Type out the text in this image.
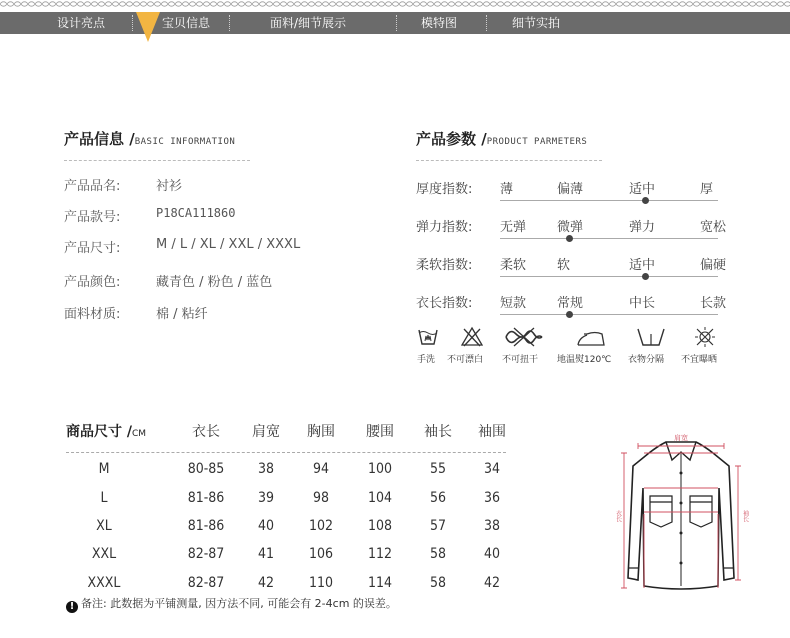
设计亮点	宝贝信息	面料/细节展示	模特图	细节实拍
产品信息 /BASIC INFORMATION
产品品名:	衬衫
产品款号:	P18CA111860
产品尺寸:	M / L / XL / XXL / XXXL
产品颜色:	藏青色 / 粉色 / 蓝色
面料材质:	棉 / 粘纤
产品参数 /PRODUCT PARMETERS
厚度指数: 薄	偏薄	适中	厚
弹力指数: 无弹 微弹	弹力	宽松
柔软指数: 柔软 软	适中	偏硬
衣长指数: 短款 常规	中长	长款
手洗 不可漂白 不可扭干 地温熨120℃ 衣物分隔 不宜曝晒
商品尺寸 /CM	衣长	肩宽	胸围	腰围	袖长	袖围
M	80-85	38	94	100	55	34
L	81-86	39	98	104	56	36
XL	81-86	40	102	108	57	38
XXL	82-87	41	106	112	58	40
XXXL	82-87	42	110	114	58	42
! 备注: 此数据为平铺测量, 因方法不同, 可能会有 2-4cm 的误差。
肩宽
衣长	袖长
